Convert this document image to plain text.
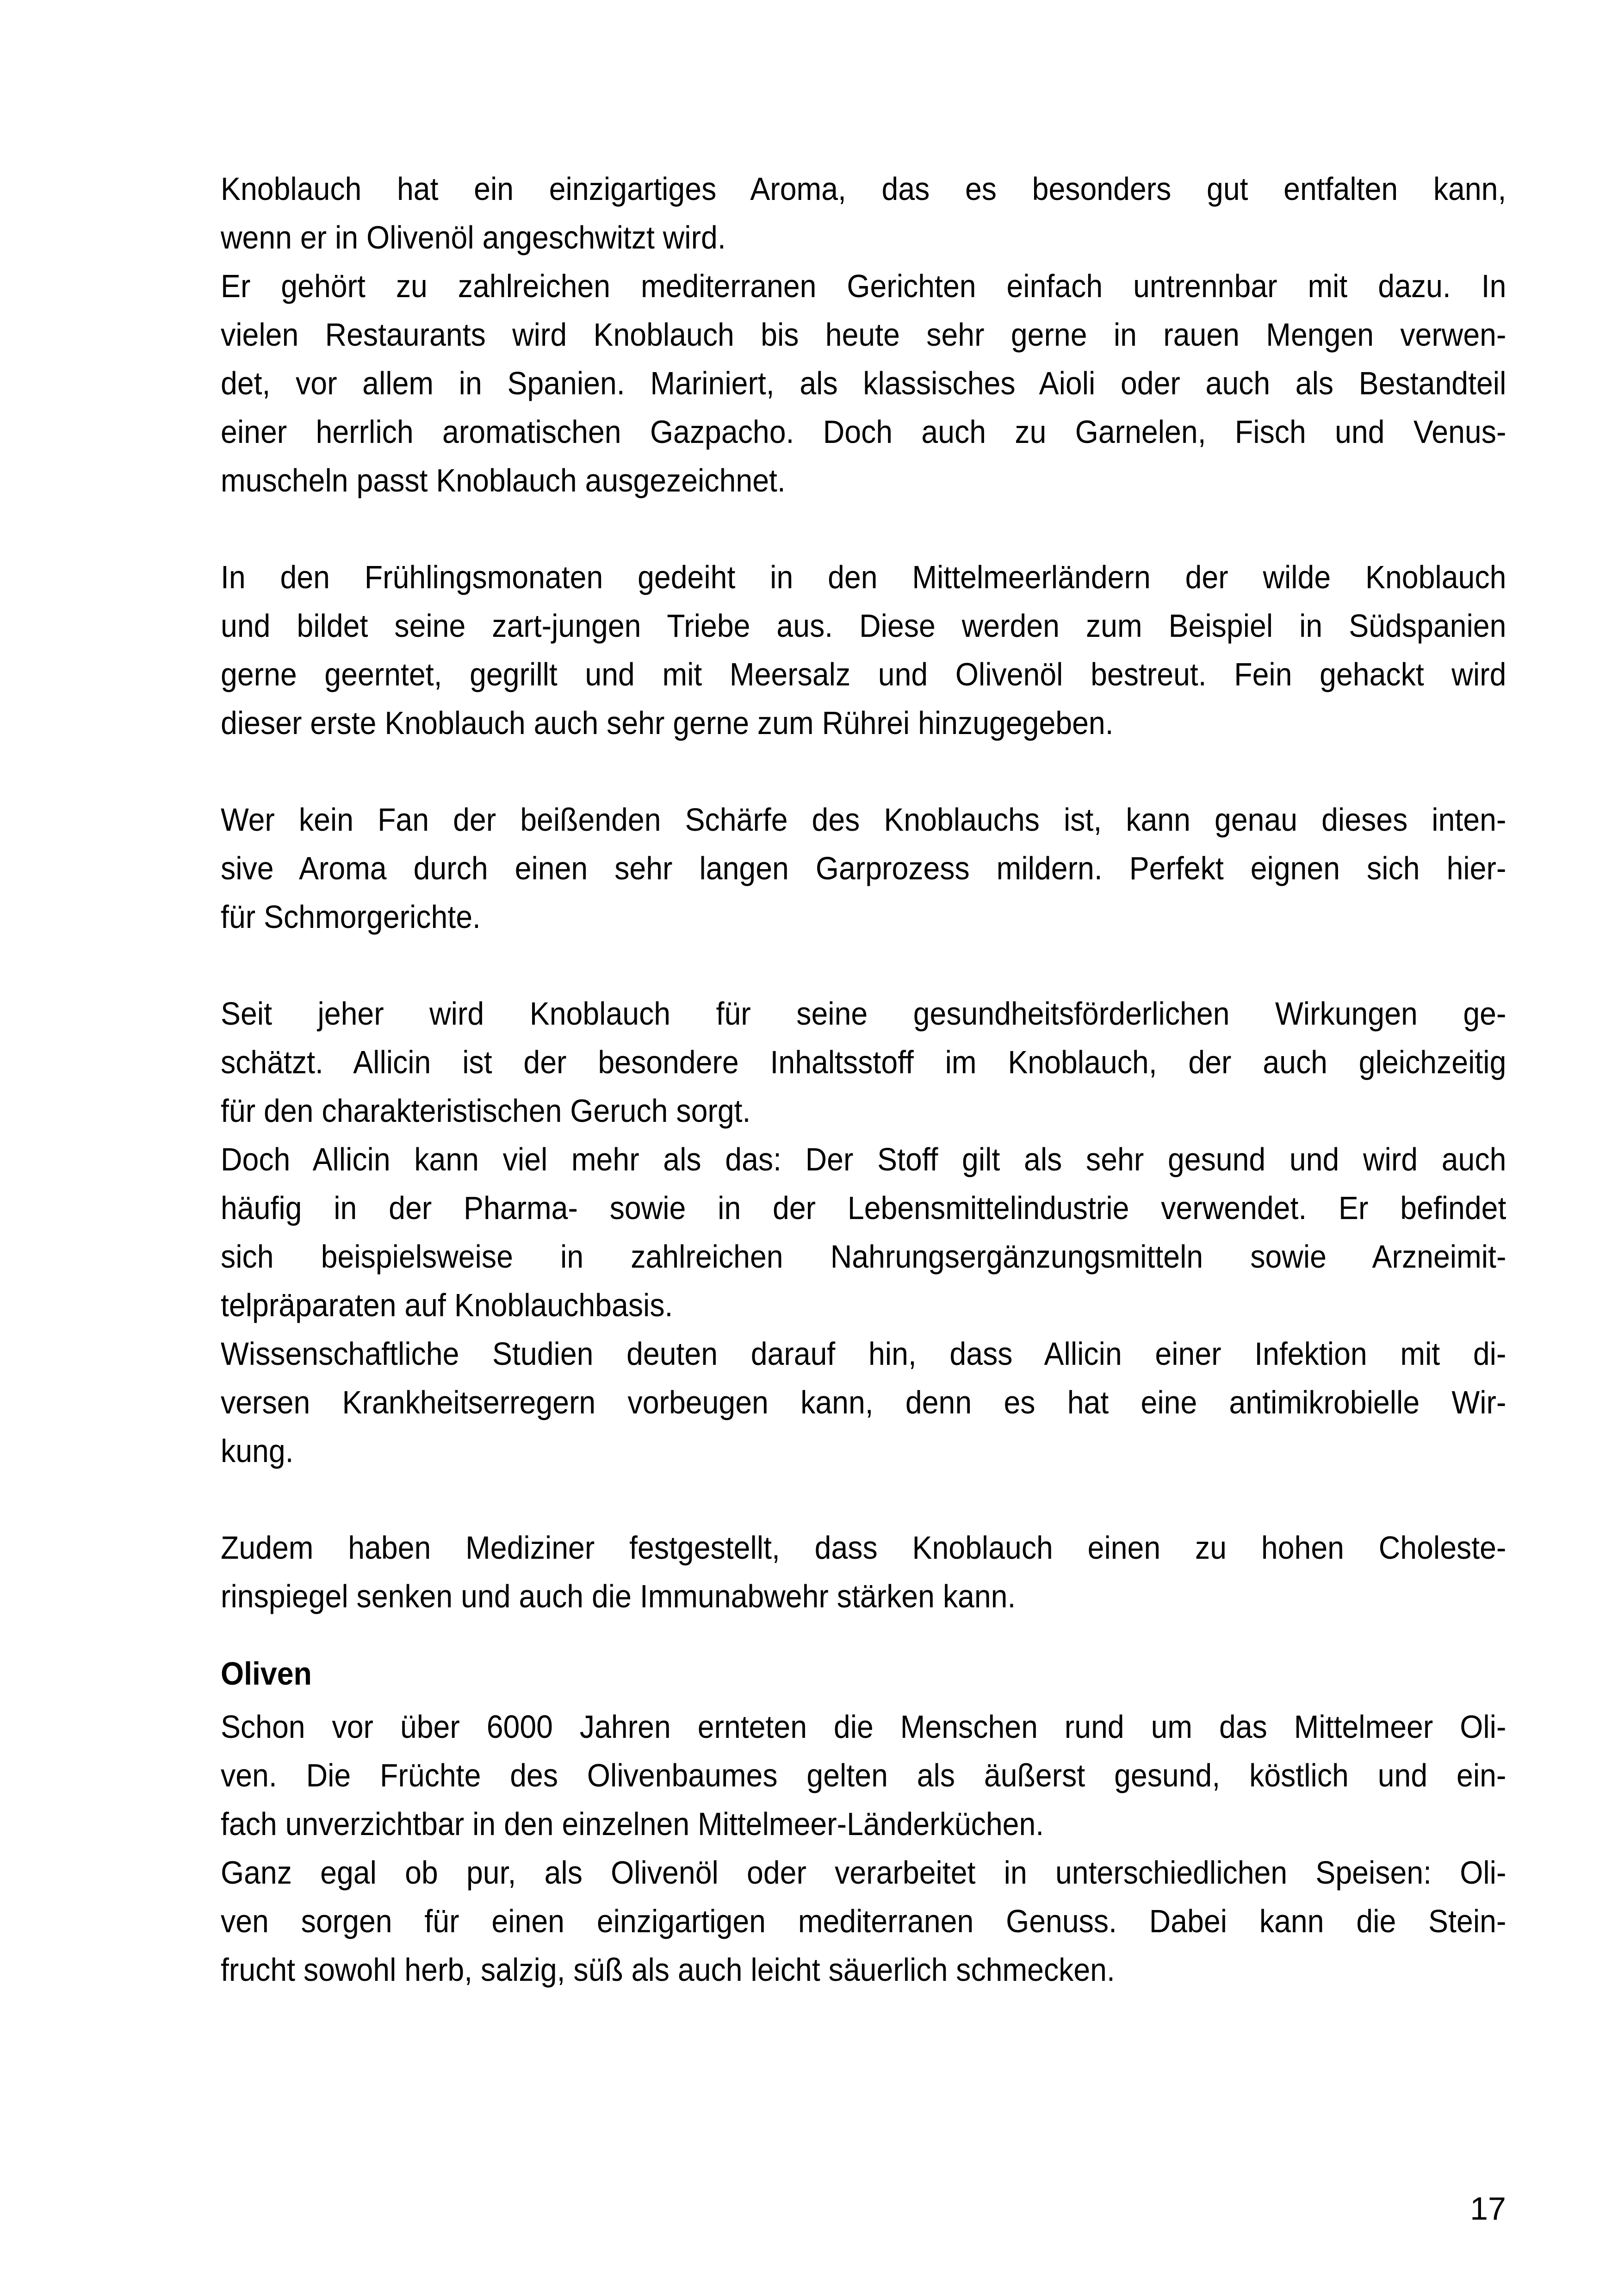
Knoblauch hat ein einzigartiges Aroma, das es besonders gut entfalten kann,
wenn er in Olivenöl angeschwitzt wird.
Er gehört zu zahlreichen mediterranen Gerichten einfach untrennbar mit dazu. In
vielen Restaurants wird Knoblauch bis heute sehr gerne in rauen Mengen verwen-
det, vor allem in Spanien. Mariniert, als klassisches Aioli oder auch als Bestandteil
einer herrlich aromatischen Gazpacho. Doch auch zu Garnelen, Fisch und Venus-
muscheln passt Knoblauch ausgezeichnet.
In den Frühlingsmonaten gedeiht in den Mittelmeerländern der wilde Knoblauch
und bildet seine zart-jungen Triebe aus. Diese werden zum Beispiel in Südspanien
gerne geerntet, gegrillt und mit Meersalz und Olivenöl bestreut. Fein gehackt wird
dieser erste Knoblauch auch sehr gerne zum Rührei hinzugegeben.
Wer kein Fan der beißenden Schärfe des Knoblauchs ist, kann genau dieses inten-
sive Aroma durch einen sehr langen Garprozess mildern. Perfekt eignen sich hier-
für Schmorgerichte.
Seit jeher wird Knoblauch für seine gesundheitsförderlichen Wirkungen ge-
schätzt. Allicin ist der besondere Inhaltsstoff im Knoblauch, der auch gleichzeitig
für den charakteristischen Geruch sorgt.
Doch Allicin kann viel mehr als das: Der Stoff gilt als sehr gesund und wird auch
häufig in der Pharma- sowie in der Lebensmittelindustrie verwendet. Er befindet
sich beispielsweise in zahlreichen Nahrungsergänzungsmitteln sowie Arzneimit-
telpräparaten auf Knoblauchbasis.
Wissenschaftliche Studien deuten darauf hin, dass Allicin einer Infektion mit di-
versen Krankheitserregern vorbeugen kann, denn es hat eine antimikrobielle Wir-
kung.
Zudem haben Mediziner festgestellt, dass Knoblauch einen zu hohen Choleste-
rinspiegel senken und auch die Immunabwehr stärken kann.
Oliven
Schon vor über 6000 Jahren ernteten die Menschen rund um das Mittelmeer Oli-
ven. Die Früchte des Olivenbaumes gelten als äußerst gesund, köstlich und ein-
fach unverzichtbar in den einzelnen Mittelmeer-Länderküchen.
Ganz egal ob pur, als Olivenöl oder verarbeitet in unterschiedlichen Speisen: Oli-
ven sorgen für einen einzigartigen mediterranen Genuss. Dabei kann die Stein-
frucht sowohl herb, salzig, süß als auch leicht säuerlich schmecken.
17
